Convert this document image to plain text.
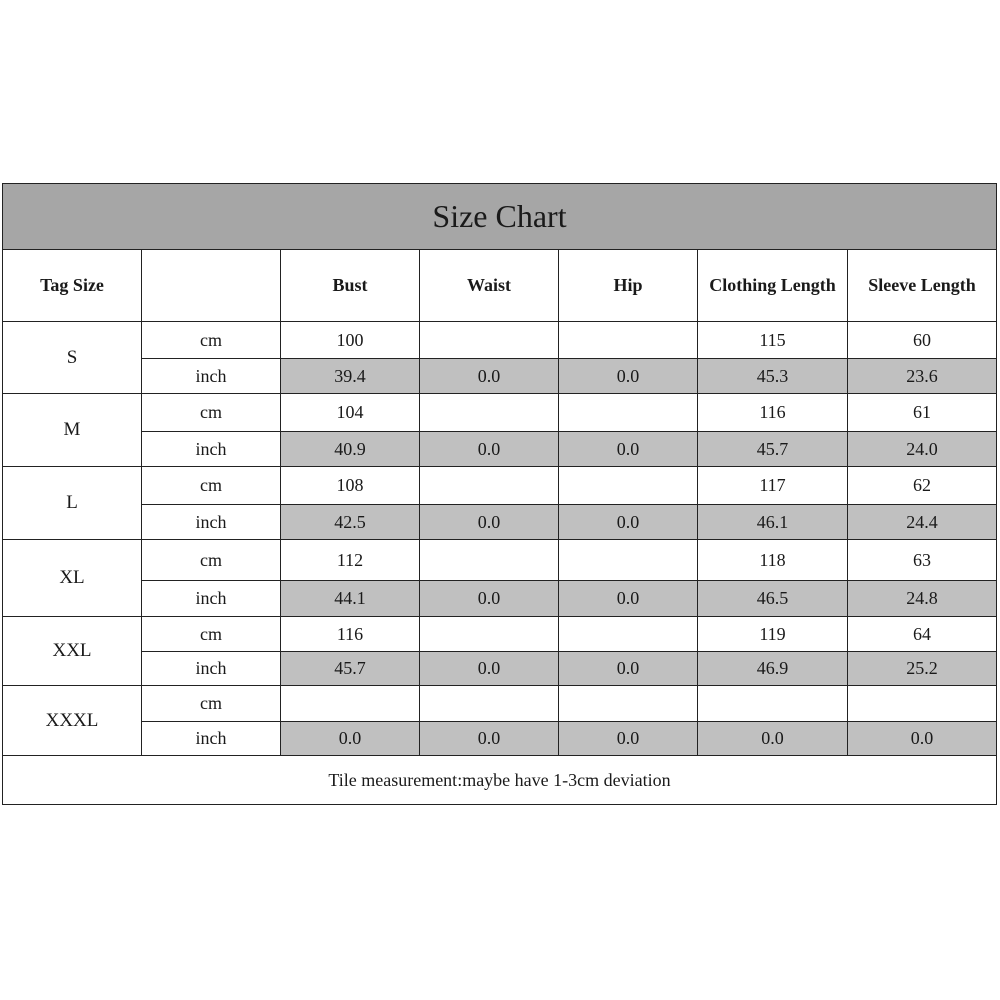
Size Chart						
Tag Size		Bust	Waist	Hip	Clothing Length	Sleeve Length
S	cm	100			115	60
	inch	39.4	0.0	0.0	45.3	23.6
M	cm	104			116	61
	inch	40.9	0.0	0.0	45.7	24.0
L	cm	108			117	62
	inch	42.5	0.0	0.0	46.1	24.4
XL	cm	112			118	63
	inch	44.1	0.0	0.0	46.5	24.8
XXL	cm	116			119	64
	inch	45.7	0.0	0.0	46.9	25.2
XXXL	cm					
	inch	0.0	0.0	0.0	0.0	0.0
Tile measurement:maybe have 1-3cm deviation						
